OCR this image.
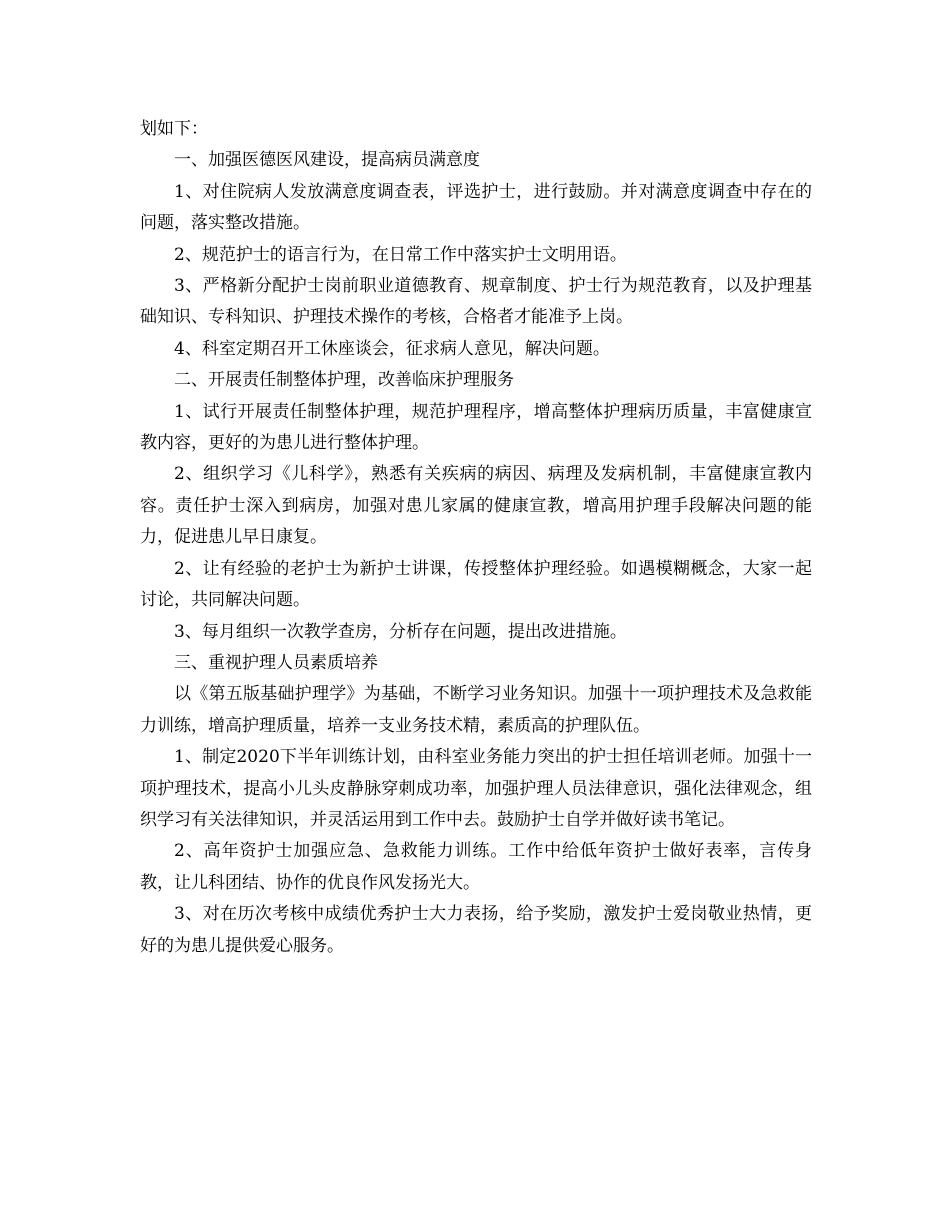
划如下：

一、加强医德医风建设，提高病员满意度

1、对住院病人发放满意度调查表，评选护士，进行鼓励。并对满意度调查中存在的问题，落实整改措施。

2、规范护士的语言行为，在日常工作中落实护士文明用语。

3、严格新分配护士岗前职业道德教育、规章制度、护士行为规范教育，以及护理基础知识、专科知识、护理技术操作的考核，合格者才能准予上岗。

4、科室定期召开工休座谈会，征求病人意见，解决问题。

二、开展责任制整体护理，改善临床护理服务

1、试行开展责任制整体护理，规范护理程序，增高整体护理病历质量，丰富健康宣教内容，更好的为患儿进行整体护理。

2、组织学习《儿科学》，熟悉有关疾病的病因、病理及发病机制，丰富健康宣教内容。责任护士深入到病房，加强对患儿家属的健康宣教，增高用护理手段解决问题的能力，促进患儿早日康复。

2、让有经验的老护士为新护士讲课，传授整体护理经验。如遇模糊概念，大家一起讨论，共同解决问题。

3、每月组织一次教学查房，分析存在问题，提出改进措施。

三、重视护理人员素质培养

以《第五版基础护理学》为基础，不断学习业务知识。加强十一项护理技术及急救能力训练，增高护理质量，培养一支业务技术精，素质高的护理队伍。

1、制定2020下半年训练计划，由科室业务能力突出的护士担任培训老师。加强十一项护理技术，提高小儿头皮静脉穿刺成功率，加强护理人员法律意识，强化法律观念，组织学习有关法律知识，并灵活运用到工作中去。鼓励护士自学并做好读书笔记。

2、高年资护士加强应急、急救能力训练。工作中给低年资护士做好表率，言传身教，让儿科团结、协作的优良作风发扬光大。

3、对在历次考核中成绩优秀护士大力表扬，给予奖励，激发护士爱岗敬业热情，更好的为患儿提供爱心服务。
